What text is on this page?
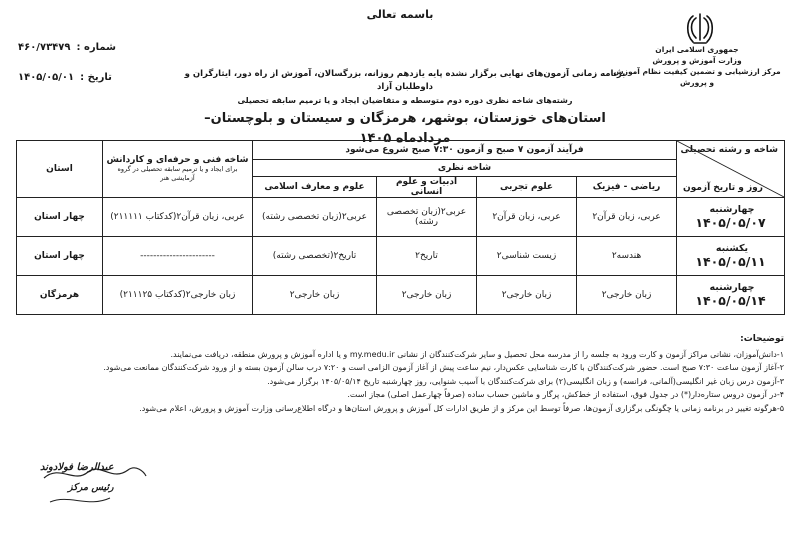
باسمه تعالی
جمهوری اسلامی ایران
وزارت آموزش و پرورش
مرکز ارزشیابی و تضمین کیفیت نظام آموزش و پرورش
شماره :۴۶۰/۷۳۴۷۹
تاریخ :۱۴۰۵/۰۵/۰۱	برنامه زمانی آزمون‌های نهایی برگزار نشده پایه یازدهم روزانه، بزرگسالان، آموزش از راه دور، ایثارگران و داوطلبان آزاد
رشته‌های شاخه نظری دوره دوم متوسطه و متقاضیان ایجاد و یا ترمیم سابقه تحصیلی
استان‌های خوزستان، بوشهر، هرمزگان و سیستان و بلوچستان– مردادماه ۱۴۰۵
شاخه و رشته تحصیلی
روز و تاریخ آزمون	فرآیند آزمون ۷ صبح و آزمون ۷:۳۰ صبح شروع می‌شود				شاخه فنی و حرفه‌ای و کاردانش
برای ایجاد و یا ترمیم سابقه تحصیلی در گروه آزمایشی هنر	استان
	شاخه نظری					
	ریاضی - فیزیک	علوم تجربی	ادبیات و علوم انسانی	علوم و معارف اسلامی		
چهارشنبه  ۱۴۰۵/۰۵/۰۷	عربی، زبان قرآن۲	عربی، زبان قرآن۲	عربی۲(زبان تخصصی رشته)	عربی۲(زبان تخصصی رشته)	عربی، زبان قرآن۲(کدکتاب ۲۱۱۱۱۱)	چهار استان
یکشنبه  ۱۴۰۵/۰۵/۱۱	هندسه۲	زیست شناسی۲	تاریخ۲	تاریخ۲(تخصصی رشته)	-----------------------	چهار استان
چهارشنبه  ۱۴۰۵/۰۵/۱۴	زبان خارجی۲	زبان خارجی۲	زبان خارجی۲	زبان خارجی۲	زبان خارجی۲(کدکتاب ۲۱۱۱۲۵)	هرمزگان
توضیحات:
۱-دانش‌آموزان، نشانی مراکز آزمون و کارت ورود به جلسه را از مدرسه محل تحصیل و سایر شرکت‌کنندگان از نشانی my.medu.ir و یا اداره آموزش و پرورش منطقه، دریافت می‌نمایند.
۲-آغاز آزمون ساعت ۷:۳۰ صبح است. حضور شرکت‌کنندگان با کارت شناسایی عکس‌دار، نیم ساعت پیش از آغاز آزمون الزامی است و ۷:۲۰ درب سالن آزمون بسته و از ورود شرکت‌کنندگان ممانعت می‌شود.
۳-آزمون درس زبان غیر انگلیسی(آلمانی، فرانسه) و زبان انگلیسی(۲) برای شرکت‌کنندگان با آسیب شنوایی، روز چهارشنبه تاریخ ۱۴۰۵/۰۵/۱۴ برگزار می‌شود.
۴-در آزمون دروس ستاره‌دار(*) در جدول فوق، استفاده از خط‌کش، پرگار و ماشین حساب ساده (صرفاً چهارعمل اصلی) مجاز است.
۵-هرگونه تغییر در برنامه زمانی یا چگونگی برگزاری آزمون‌ها، صرفاً توسط این مرکز و از طریق ادارات کل آموزش و پرورش استان‌ها و درگاه اطلاع‌رسانی وزارت آموزش و پرورش، اعلام می‌شود.
عبدالرضا فولادوند
رئیس مرکز
